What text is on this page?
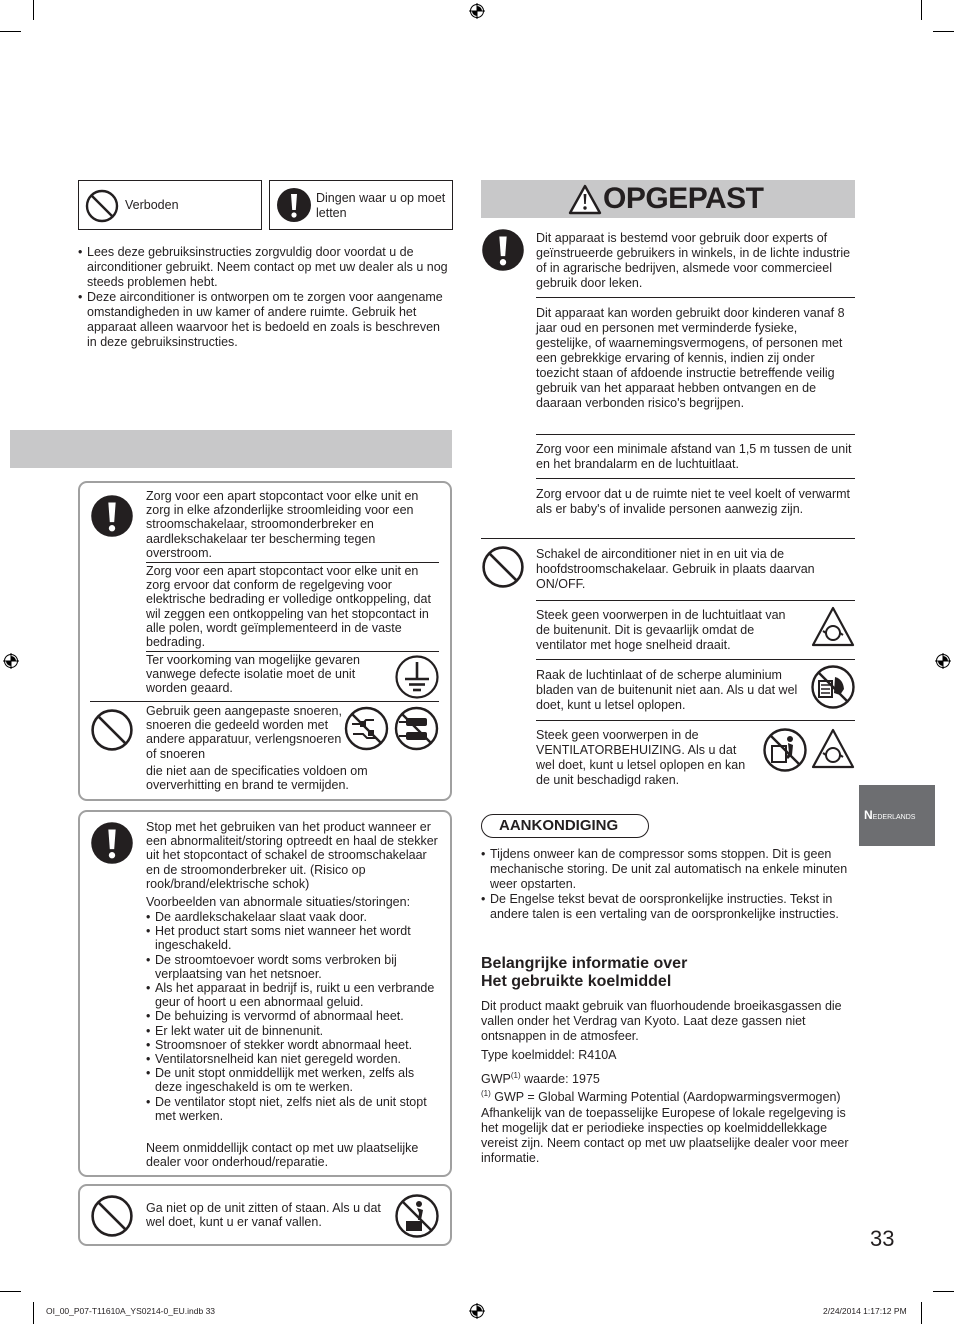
Verboden	Dingen waar u op moet letten
• Lees deze gebruiksinstructies zorgvuldig door voordat u de airconditioner gebruikt. Neem contact op met uw dealer als u nog steeds problemen hebt.
• Deze airconditioner is ontworpen om te zorgen voor aangename omstandigheden in uw kamer of andere ruimte. Gebruik het apparaat alleen waarvoor het is bedoeld en zoals is beschreven in deze gebruiksinstructies.

Zorg voor een apart stopcontact voor elke unit en zorg in elke afzonderlijke stroomleiding voor een stroomschakelaar, stroomonderbreker en aardlekschakelaar ter bescherming tegen overstroom.

Zorg voor een apart stopcontact voor elke unit en zorg ervoor dat conform de regelgeving voor elektrische bedrading er volledige ontkoppeling, dat wil zeggen een ontkoppeling van het stopcontact in alle polen, wordt geïmplementeerd in de vaste bedrading.

Ter voorkoming van mogelijke gevaren vanwege defecte isolatie moet de unit worden geaard.

Gebruik geen aangepaste snoeren, snoeren die gedeeld worden met andere apparatuur, verlengsnoeren of snoeren

die niet aan de specificaties voldoen om oververhitting en brand te vermijden.

Stop met het gebruiken van het product wanneer er een abnormaliteit/storing optreedt en haal de stekker uit het stopcontact of schakel de stroomschakelaar en de stroomonderbreker uit. (Risico op rook/brand/elektrische schok)

Voorbeelden van abnormale situaties/storingen:

• De aardlekschakelaar slaat vaak door.
• Het product start soms niet wanneer het wordt ingeschakeld.
• De stroomtoevoer wordt soms verbroken bij verplaatsing van het netsnoer.
• Als het apparaat in bedrijf is, ruikt u een verbrande geur of hoort u een abnormaal geluid.
• De behuizing is vervormd of abnormaal heet.
• Er lekt water uit de binnenunit.
• Stroomsnoer of stekker wordt abnormaal heet.
• Ventilatorsnelheid kan niet geregeld worden.
• De unit stopt onmiddellijk met werken, zelfs als deze ingeschakeld is om te werken.
• De ventilator stopt niet, zelfs niet als de unit stopt met werken.

Neem onmiddellijk contact op met uw plaatselijke dealer voor onderhoud/reparatie.

Ga niet op de unit zitten of staan. Als u dat wel doet, kunt u er vanaf vallen.

OPGEPAST

Dit apparaat is bestemd voor gebruik door experts of geïnstrueerde gebruikers in winkels, in de lichte industrie of in agrarische bedrijven, alsmede voor commercieel gebruik door leken.

Dit apparaat kan worden gebruikt door kinderen vanaf 8 jaar oud en personen met verminderde fysieke, gestelijke, of waarnemingsvermogens, of personen met een gebrekkige ervaring of kennis, indien zij onder toezicht staan of afdoende instructie betreffende veilig gebruik van het apparaat hebben ontvangen en de daaraan verbonden risico's begrijpen.

Zorg voor een minimale afstand van 1,5 m tussen de unit en het brandalarm en de luchtuitlaat.

Zorg ervoor dat u de ruimte niet te veel koelt of verwarmt als er baby's of invalide personen aanwezig zijn.

Schakel de airconditioner niet in en uit via de hoofdstroomschakelaar. Gebruik in plaats daarvan ON/OFF.

Steek geen voorwerpen in de luchtuitlaat van de buitenunit. Dit is gevaarlijk omdat de ventilator met hoge snelheid draait.

Raak de luchtinlaat of de scherpe aluminium bladen van de buitenunit niet aan. Als u dat wel doet, kunt u letsel oplopen.

Steek geen voorwerpen in de VENTILATORBEHUIZING. Als u dat wel doet, kunt u letsel oplopen en kan de unit beschadigd raken.

AANKONDIGING
• Tijdens onweer kan de compressor soms stoppen. Dit is geen mechanische storing. De unit zal automatisch na enkele minuten weer opstarten.
• De Engelse tekst bevat de oorspronkelijke instructies. Tekst in andere talen is een vertaling van de oorspronkelijke instructies.
Belangrijke informatie over
Het gebruikte koelmiddel

Dit product maakt gebruik van fluorhoudende broeikasgassen die vallen onder het Verdrag van Kyoto. Laat deze gassen niet ontsnappen in de atmosfeer.

Type koelmiddel: R410A

GWP$^{(1)}$ waarde: 1975

$^{(1)}$ GWP = Global Warming Potential (Aardopwarmingsvermogen)

Afhankelijk van de toepasselijke Europese of lokale regelgeving is het mogelijk dat er periodieke inspecties op koelmiddellekkage vereist zijn. Neem contact op met uw plaatselijke dealer voor meer informatie.

NEDERLANDS
33
OI_00_P07-T11610A_YS0214-0_EU.indb 33	2/24/2014 1:17:12 PM
